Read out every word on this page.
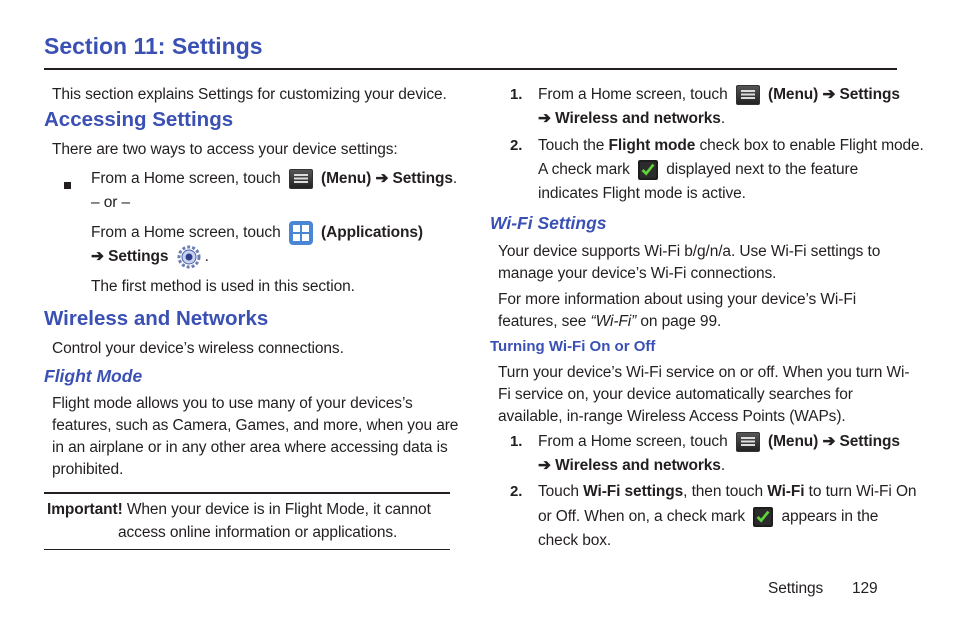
Section 11: Settings
This section explains Settings for customizing your device.
Accessing Settings
There are two ways to access your device settings:
From a Home screen, touch	(Menu) ➔ Settings.
– or –
From a Home screen, touch	(Applications)
➔ Settings .
The first method is used in this section.
Wireless and Networks
Control your device’s wireless connections.
Flight Mode
Flight mode allows you to use many of your devices’s
features, such as Camera, Games, and more, when you are
in an airplane or in any other area where accessing data is
prohibited.
Important! When your device is in Flight Mode, it cannot
access online information or applications.
1. From a Home screen, touch	(Menu) ➔ Settings
➔ Wireless and networks.
2. Touch the Flight mode check box to enable Flight mode.
A check mark displayed next to the feature
indicates Flight mode is active.
Wi-Fi Settings
Your device supports Wi-Fi b/g/n/a. Use Wi-Fi settings to
manage your device’s Wi-Fi connections.
For more information about using your device’s Wi-Fi
features, see “Wi-Fi” on page 99.
Turning Wi-Fi On or Off
Turn your device’s Wi-Fi service on or off. When you turn Wi-
Fi service on, your device automatically searches for
available, in-range Wireless Access Points (WAPs).
1. From a Home screen, touch	(Menu) ➔ Settings
➔ Wireless and networks.
2. Touch Wi-Fi settings, then touch Wi-Fi to turn Wi-Fi On
or Off. When on, a check mark appears in the
check box.
Settings 129
